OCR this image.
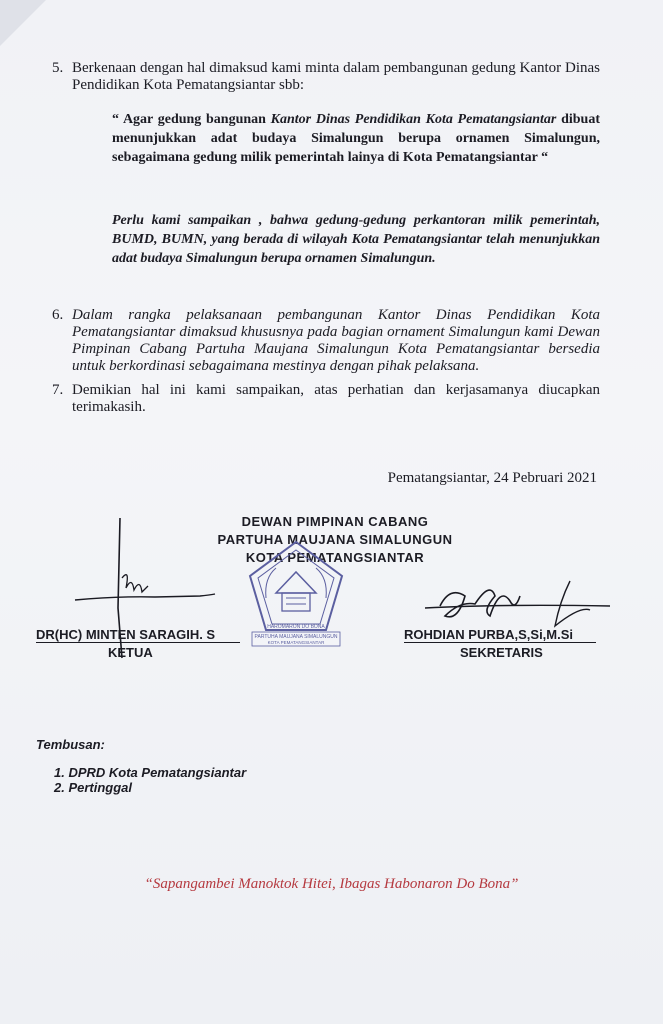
5. Berkenaan dengan hal dimaksud kami minta dalam pembangunan gedung Kantor Dinas Pendidikan Kota Pematangsiantar sbb:
“ Agar gedung bangunan Kantor Dinas Pendidikan Kota Pematangsiantar dibuat menunjukkan adat budaya Simalungun berupa ornamen Simalungun, sebagaimana gedung milik pemerintah lainya di Kota Pematangsiantar “
Perlu kami sampaikan , bahwa gedung-gedung perkantoran milik pemerintah, BUMD, BUMN, yang berada di wilayah Kota Pematangsiantar telah menunjukkan adat budaya Simalungun berupa ornamen Simalungun.
6. Dalam rangka pelaksanaan pembangunan Kantor Dinas Pendidikan Kota Pematangsiantar dimaksud khususnya pada bagian ornament Simalungun kami Dewan Pimpinan Cabang Partuha Maujana Simalungun Kota Pematangsiantar bersedia untuk berkordinasi sebagaimana mestinya dengan pihak pelaksana.
7. Demikian hal ini kami sampaikan, atas perhatian dan kerjasamanya diucapkan terimakasih.
Pematangsiantar, 24 Pebruari 2021
DEWAN PIMPINAN CABANG
PARTUHA MAUJANA SIMALUNGUN
KOTA PEMATANGSIANTAR
HAROMARON DO BONA
PARTUHA MAUJANA SIMALUNGUN
KOTA PEMATANGSIANTAR
DR(HC) MINTEN SARAGIH. S
KETUA
ROHDIAN PURBA,S,Si,M.Si
SEKRETARIS
Tembusan:
1. DPRD Kota Pematangsiantar
2. Pertinggal
“Sapangambei Manoktok Hitei, Ibagas Habonaron Do Bona”
